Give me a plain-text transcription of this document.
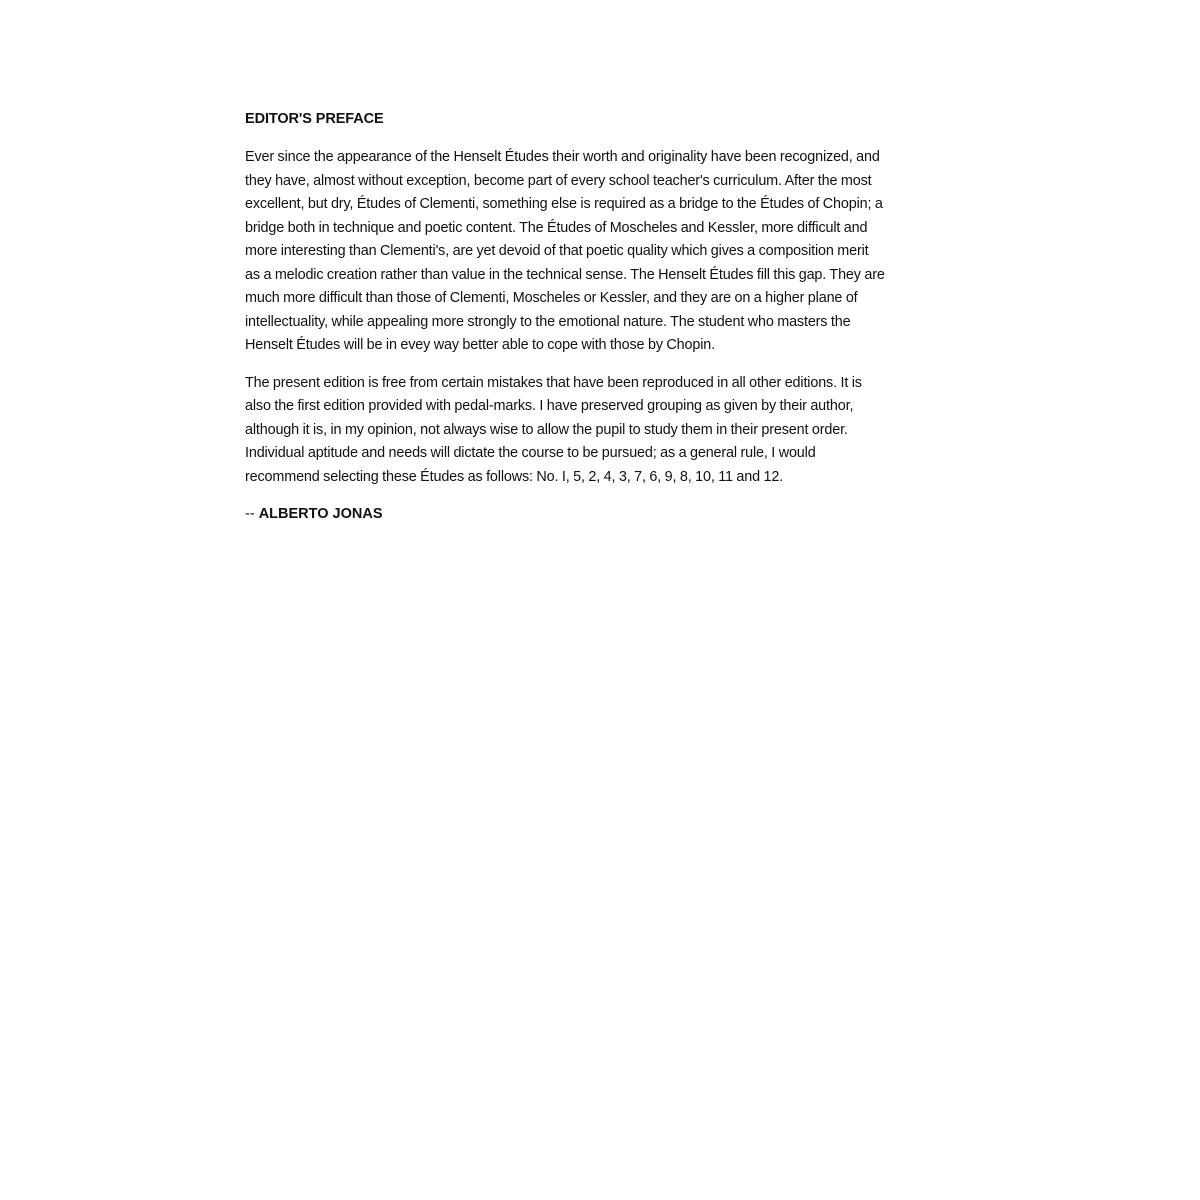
EDITOR'S PREFACE
Ever since the appearance of the Henselt Études their worth and originality have been recognized, and
they have, almost without exception, become part of every school teacher's curriculum. After the most
excellent, but dry, Études of Clementi, something else is required as a bridge to the Études of Chopin; a
bridge both in technique and poetic content. The Études of Moscheles and Kessler, more difficult and
more interesting than Clementi's, are yet devoid of that poetic quality which gives a composition merit
as a melodic creation rather than value in the technical sense. The Henselt Études fill this gap. They are
much more difficult than those of Clementi, Moscheles or Kessler, and they are on a higher plane of
intellectuality, while appealing more strongly to the emotional nature. The student who masters the
Henselt Études will be in evey way better able to cope with those by Chopin.
The present edition is free from certain mistakes that have been reproduced in all other editions. It is
also the first edition provided with pedal-marks. I have preserved grouping as given by their author,
although it is, in my opinion, not always wise to allow the pupil to study them in their present order.
Individual aptitude and needs will dictate the course to be pursued; as a general rule, I would
recommend selecting these Études as follows: No. I, 5, 2, 4, 3, 7, 6, 9, 8, 10, 11 and 12.
-- ALBERTO JONAS
